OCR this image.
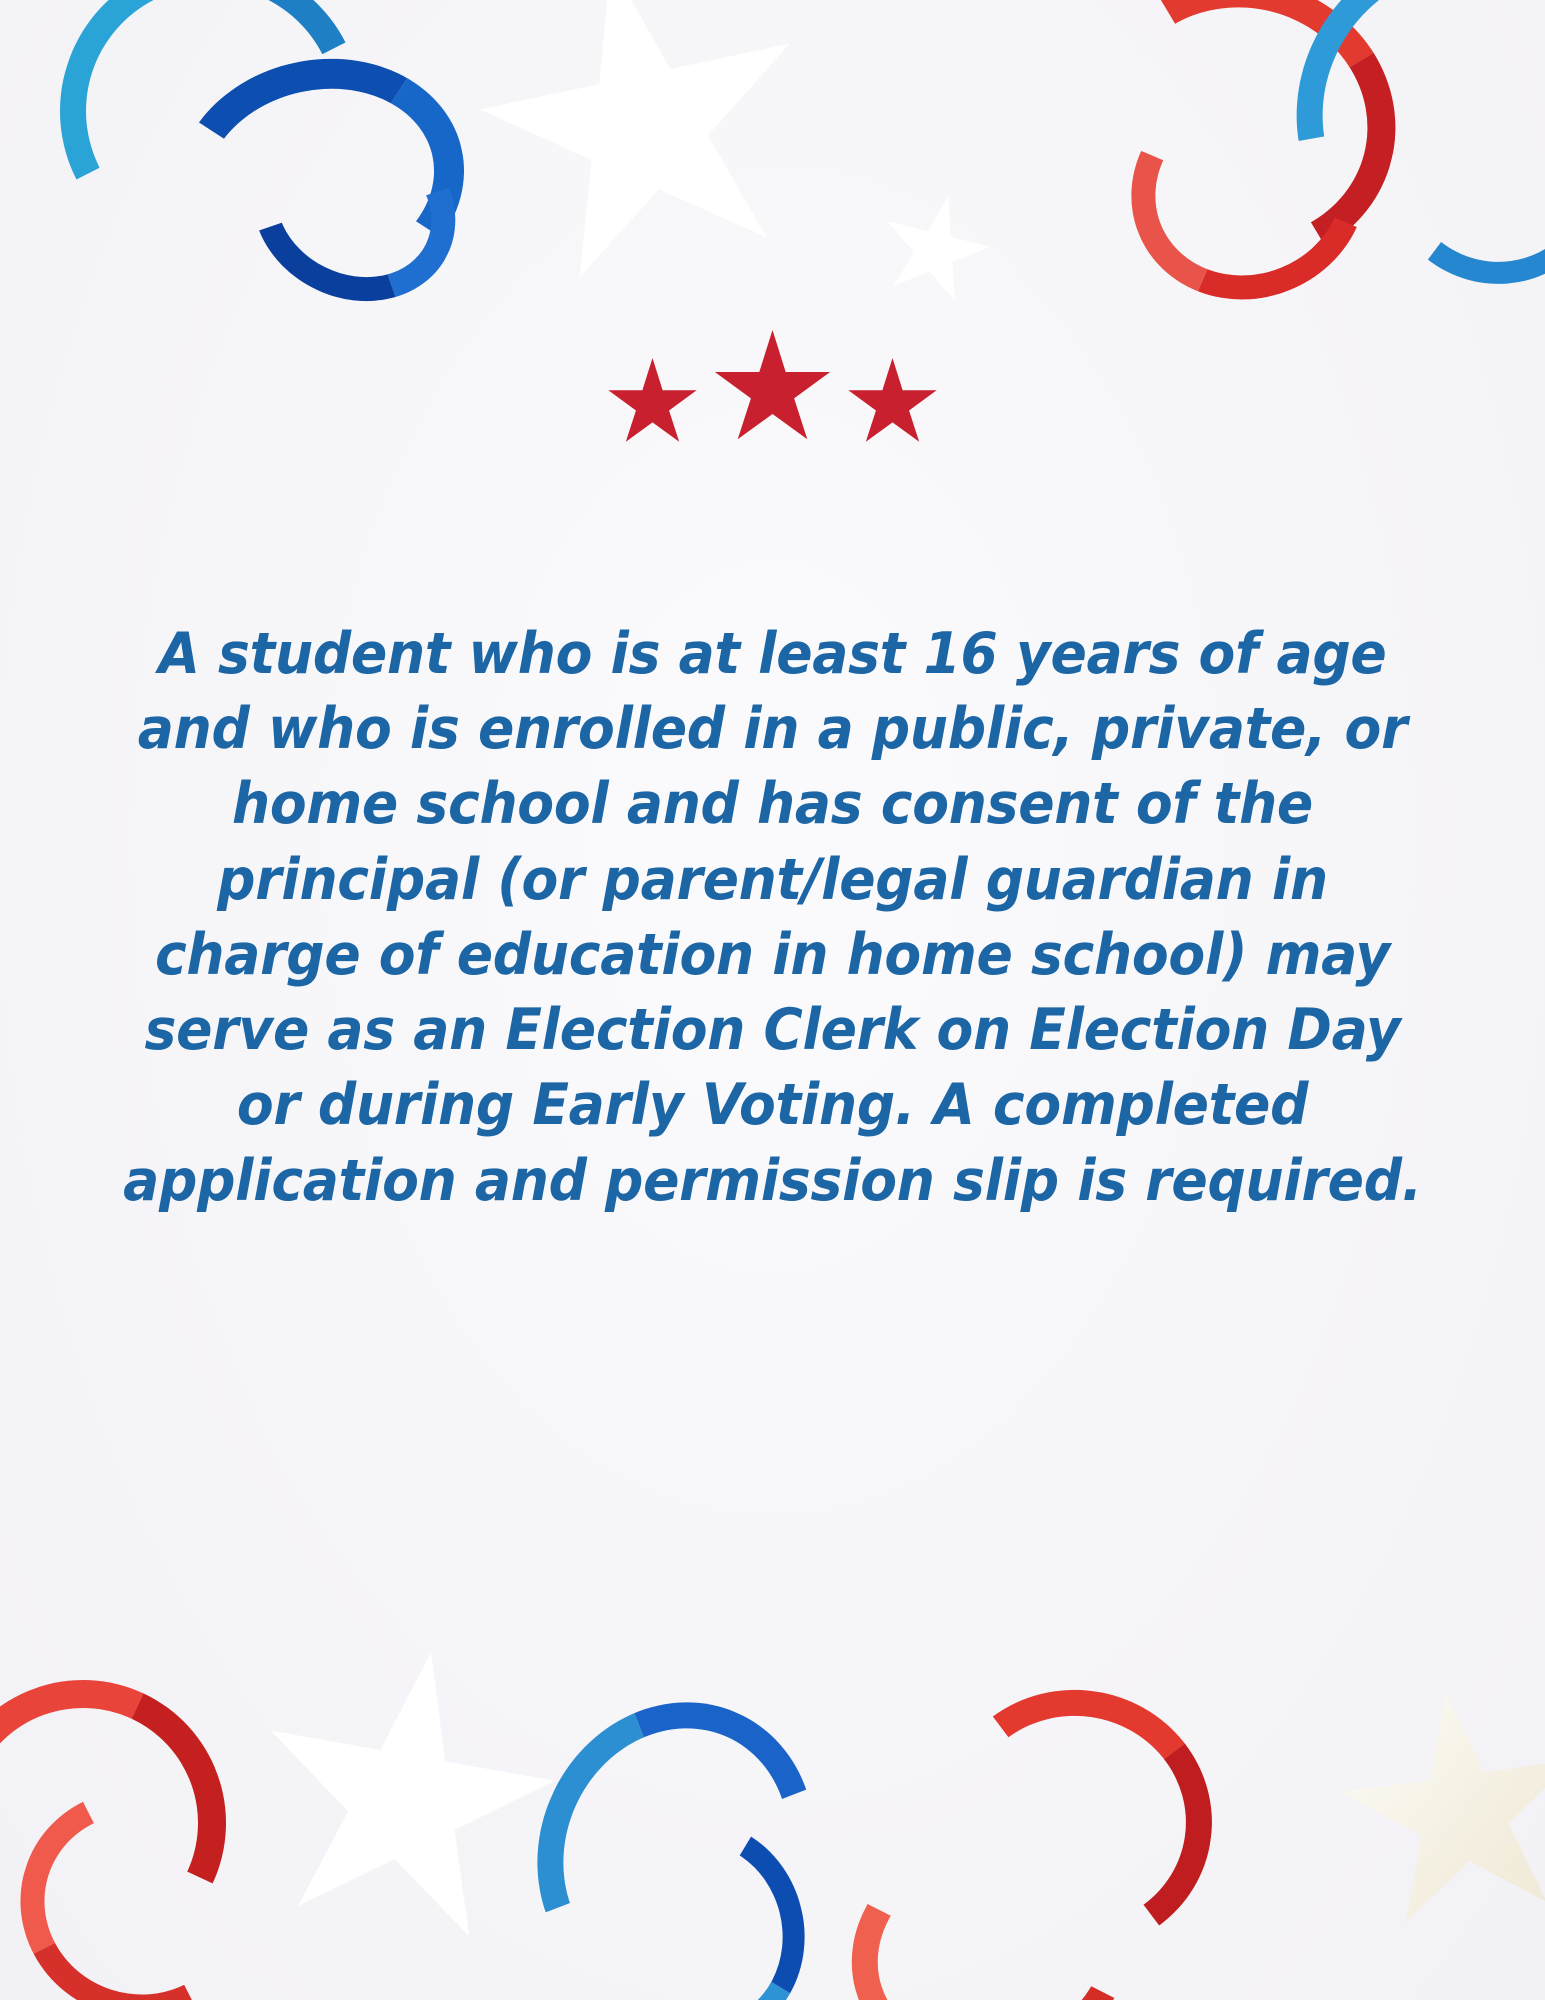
A student who is at least 16 years of age and who is enrolled in a public, private, or home school and has consent of the principal (or parent/legal guardian in charge of education in home school) may serve as an Election Clerk on Election Day or during Early Voting. A completed application and permission slip is required.
